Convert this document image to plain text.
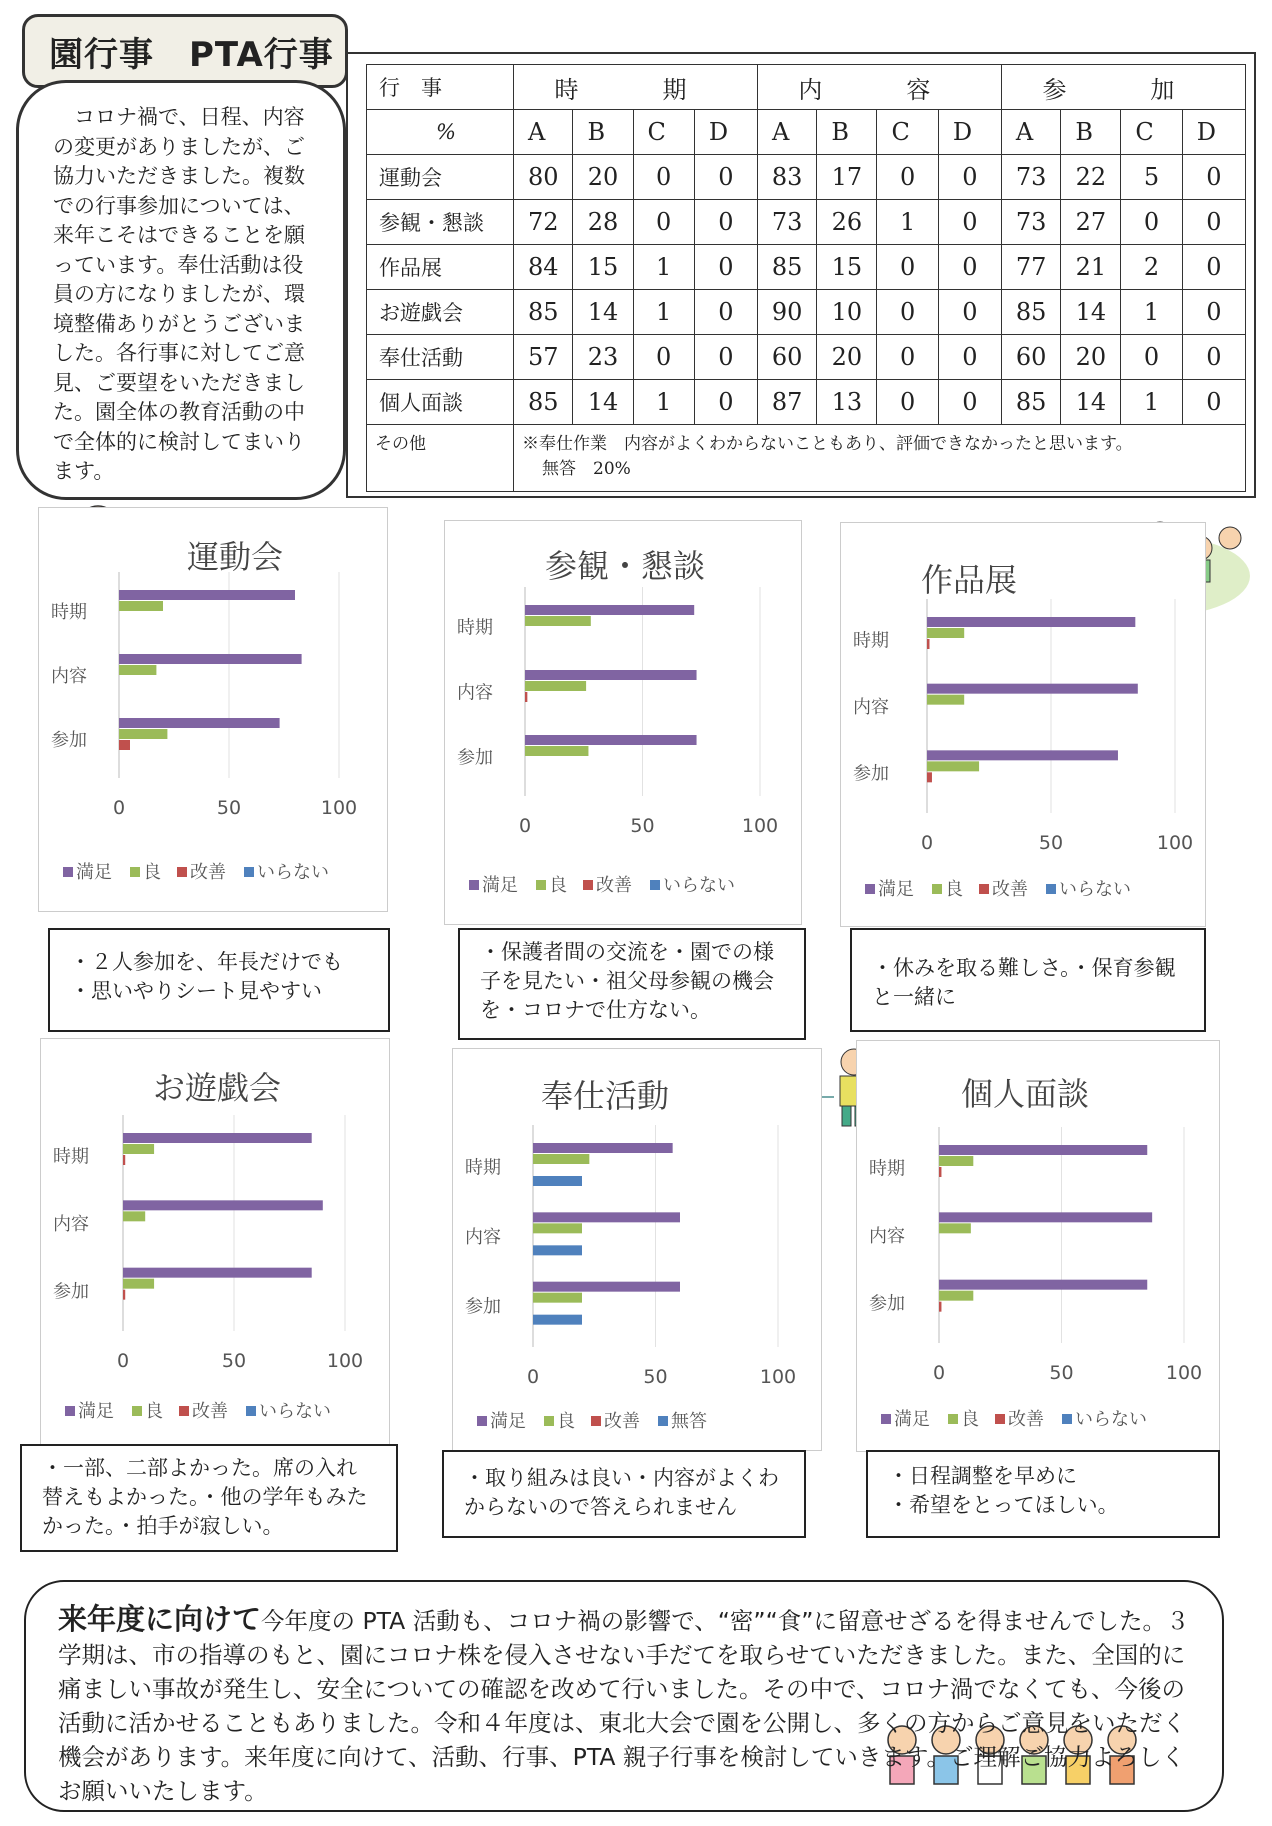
園行事　PTA行事
コロナ禍で、日程、内容の変更がありましたが、ご協力いただきました。複数での行事参加については、来年こそはできることを願っています。奉仕活動は役員の方になりましたが、環境整備ありがとうございました。各行事に対してご意見、ご要望をいただきました。園全体の教育活動の中で全体的に検討してまいります。
行　事	時　期				内　容				参　加			
%	A	B	C	D	A	B	C	D	A	B	C	D
運動会	80	20	0	0	83	17	0	0	73	22	5	0
参観・懇談	72	28	0	0	73	26	1	0	73	27	0	0
作品展	84	15	1	0	85	15	0	0	77	21	2	0
お遊戯会	85	14	1	0	90	10	0	0	85	14	1	0
奉仕活動	57	23	0	0	60	20	0	0	60	20	0	0
個人面談	85	14	1	0	87	13	0	0	85	14	1	0
その他	※奉仕作業　内容がよくわからないこともあり、評価できなかったと思います。
無答　20%											
運動会
0	50	100
時期
内容
参加
満足 良 改善 いらない
参観・懇談
0	50	100
時期
内容
参加
満足 良 改善 いらない
作品展
0	50	100
時期
内容
参加
満足 良 改善 いらない
お遊戯会
0	50	100
時期
内容
参加
満足 良 改善 いらない
奉仕活動
0	50	100
時期
内容
参加
満足 良 改善 無答
個人面談
0	50	100
時期
内容
参加
満足 良 改善 いらない
・２人参加を、年長だけでも
・思いやりシート見やすい
・保護者間の交流を・園での様子を見たい・祖父母参観の機会を・コロナで仕方ない。
・休みを取る難しさ。・保育参観と一緒に
・一部、二部よかった。席の入れ替えもよかった。・他の学年もみたかった。・拍手が寂しい。
・取り組みは良い・内容がよくわからないので答えられません
・日程調整を早めに
・希望をとってほしい。
来年度に向けて今年度の PTA 活動も、コロナ禍の影響で、“密”“食”に留意せざるを得ませんでした。３学期は、市の指導のもと、園にコロナ株を侵入させない手だてを取らせていただきました。また、全国的に痛ましい事故が発生し、安全についての確認を改めて行いました。その中で、コロナ渦でなくても、今後の活動に活かせることもありました。令和４年度は、東北大会で園を公開し、多くの方からご意見をいただく機会があります。来年度に向けて、活動、行事、PTA 親子行事を検討していきます。ご理解ご協力よろしくお願いいたします。
